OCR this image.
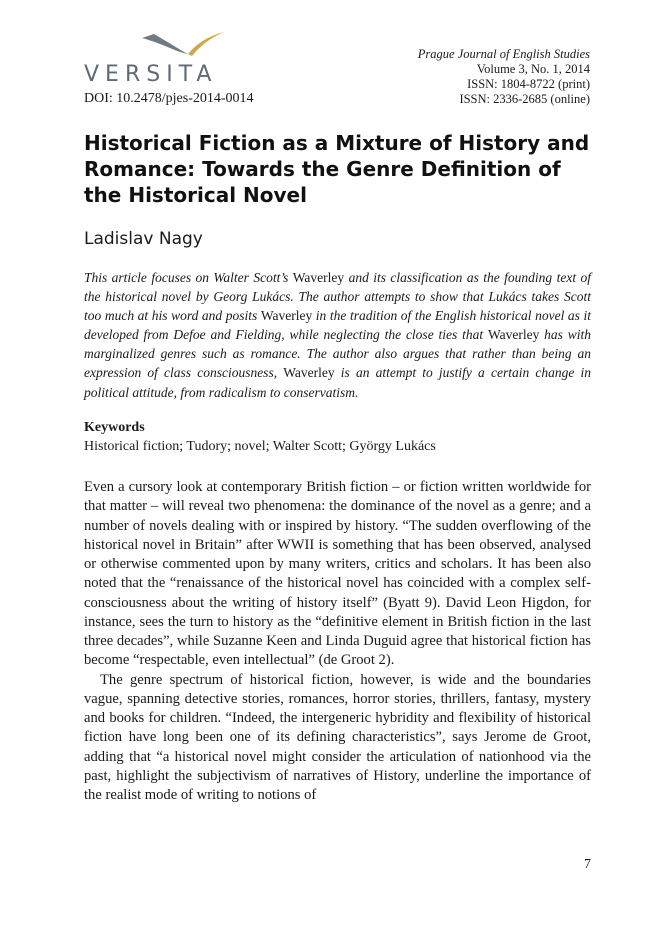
VERSITA
DOI: 10.2478/pjes-2014-0014
Prague Journal of English Studies
Volume 3, No. 1, 2014
ISSN: 1804-8722 (print)
ISSN: 2336-2685 (online)
Historical Fiction as a Mixture of History and Romance: Towards the Genre Definition of the Historical Novel
Ladislav Nagy

This article focuses on Walter Scott’s Waverley and its classification as the founding text of the historical novel by Georg Lukács. The author attempts to show that Lukács takes Scott too much at his word and posits Waverley in the tradition of the English historical novel as it developed from Defoe and Fielding, while neglecting the close ties that Waverley has with marginalized genres such as romance. The author also argues that rather than being an expression of class consciousness, Waverley is an attempt to justify a certain change in political attitude, from radicalism to conservatism.

Keywords
Historical fiction; Tudory; novel; Walter Scott; György Lukács

Even a cursory look at contemporary British fiction – or fiction written worldwide for that matter – will reveal two phenomena: the dominance of the novel as a genre; and a number of novels dealing with or inspired by history. “The sudden overflowing of the historical novel in Britain” after WWII is something that has been observed, analysed or otherwise commented upon by many writers, critics and scholars. It has been also noted that the “renaissance of the historical novel has coincided with a complex self-consciousness about the writing of history itself” (Byatt 9). David Leon Higdon, for instance, sees the turn to history as the “definitive element in British fiction in the last three decades”, while Suzanne Keen and Linda Duguid agree that historical fiction has become “respectable, even intellectual” (de Groot 2).

The genre spectrum of historical fiction, however, is wide and the boundaries vague, spanning detective stories, romances, horror stories, thrillers, fantasy, mystery and books for children. “Indeed, the intergeneric hybridity and flexibility of historical fiction have long been one of its defining characteristics”, says Jerome de Groot, adding that “a historical novel might consider the articulation of nationhood via the past, highlight the subjectivism of narratives of History, underline the importance of the realist mode of writing to notions of

7
